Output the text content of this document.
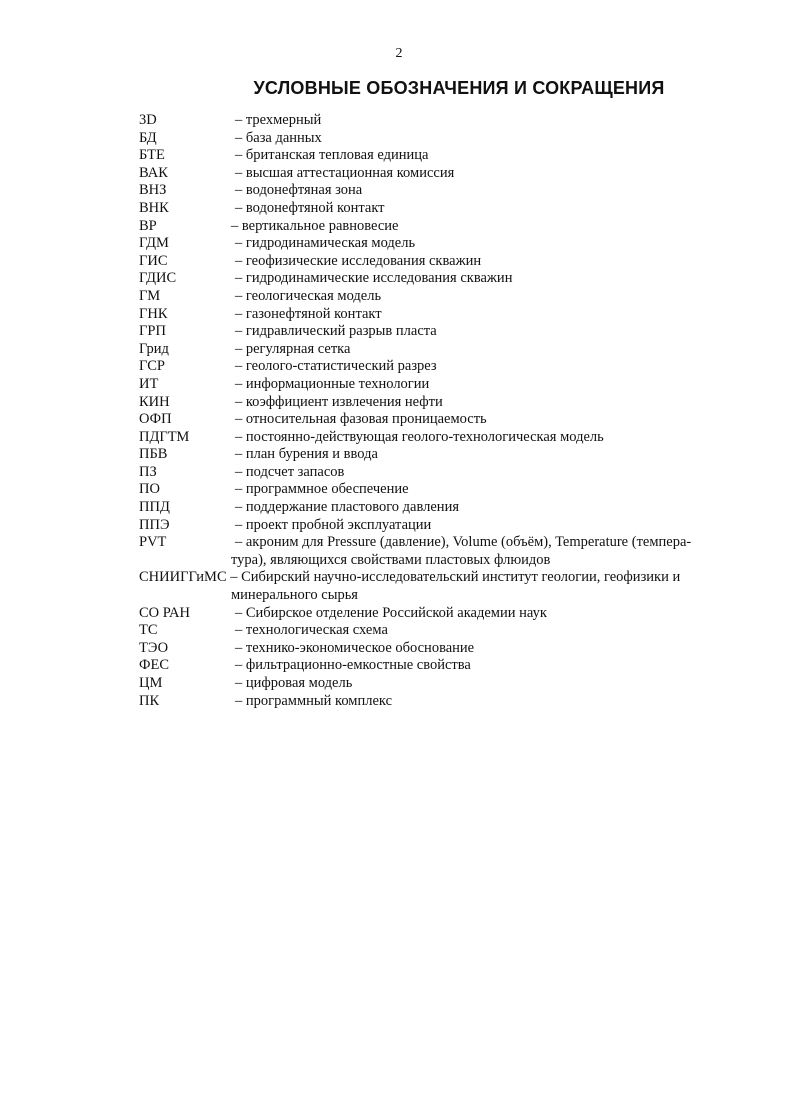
2
УСЛОВНЫЕ ОБОЗНАЧЕНИЯ И СОКРАЩЕНИЯ
3D	– трехмерный
БД	– база данных
БТЕ	– британская тепловая единица
ВАК	– высшая аттестационная комиссия
ВНЗ	– водонефтяная зона
ВНК	– водонефтяной контакт
ВР	– вертикальное равновесие
ГДМ	– гидродинамическая модель
ГИС	– геофизические исследования скважин
ГДИС	– гидродинамические исследования скважин
ГМ	– геологическая модель
ГНК	– газонефтяной контакт
ГРП	– гидравлический разрыв пласта
Грид	– регулярная сетка
ГСР	– геолого-статистический разрез
ИТ	– информационные технологии
КИН	– коэффициент извлечения нефти
ОФП	– относительная фазовая проницаемость
ПДГТМ	– постоянно-действующая геолого-технологическая модель
ПБВ	– план бурения и ввода
ПЗ	– подсчет запасов
ПО	– программное обеспечение
ППД	– поддержание пластового давления
ППЭ	– проект пробной эксплуатации
PVT	– акроним для Pressure (давление), Volume (объём), Temperature (темпера-
тура), являющихся свойствами пластовых флюидов
СНИИГГиМС – Сибирский научно-исследовательский институт геологии, геофизики и
минерального сырья
СО РАН	– Сибирское отделение Российской академии наук
ТС	– технологическая схема
ТЭО	– технико-экономическое обоснование
ФЕС	– фильтрационно-емкостные свойства
ЦМ	– цифровая модель
ПК	– программный комплекс
